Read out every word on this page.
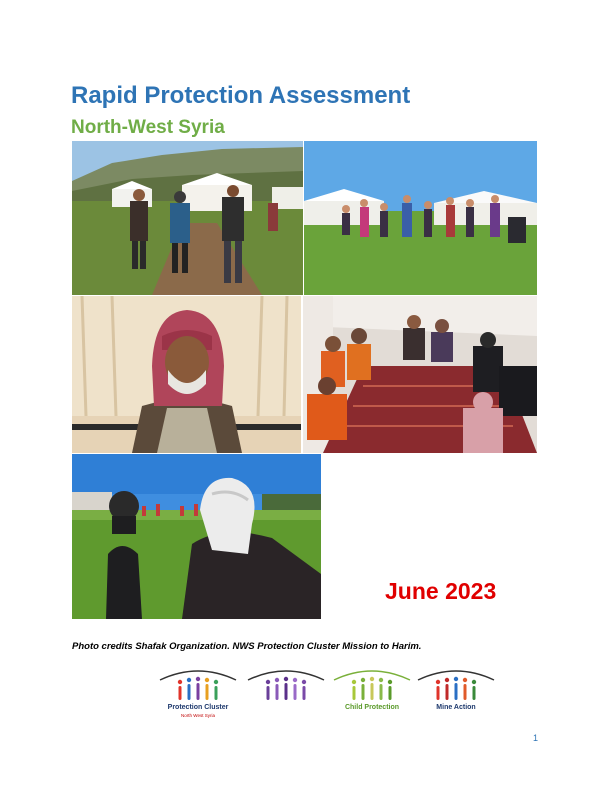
Rapid Protection Assessment
North-West Syria
June 2023
Photo credits Shafak Organization. NWS Protection Cluster Mission to Harim.
Protection Cluster
North West Syria
Child Protection	Mine Action
1
